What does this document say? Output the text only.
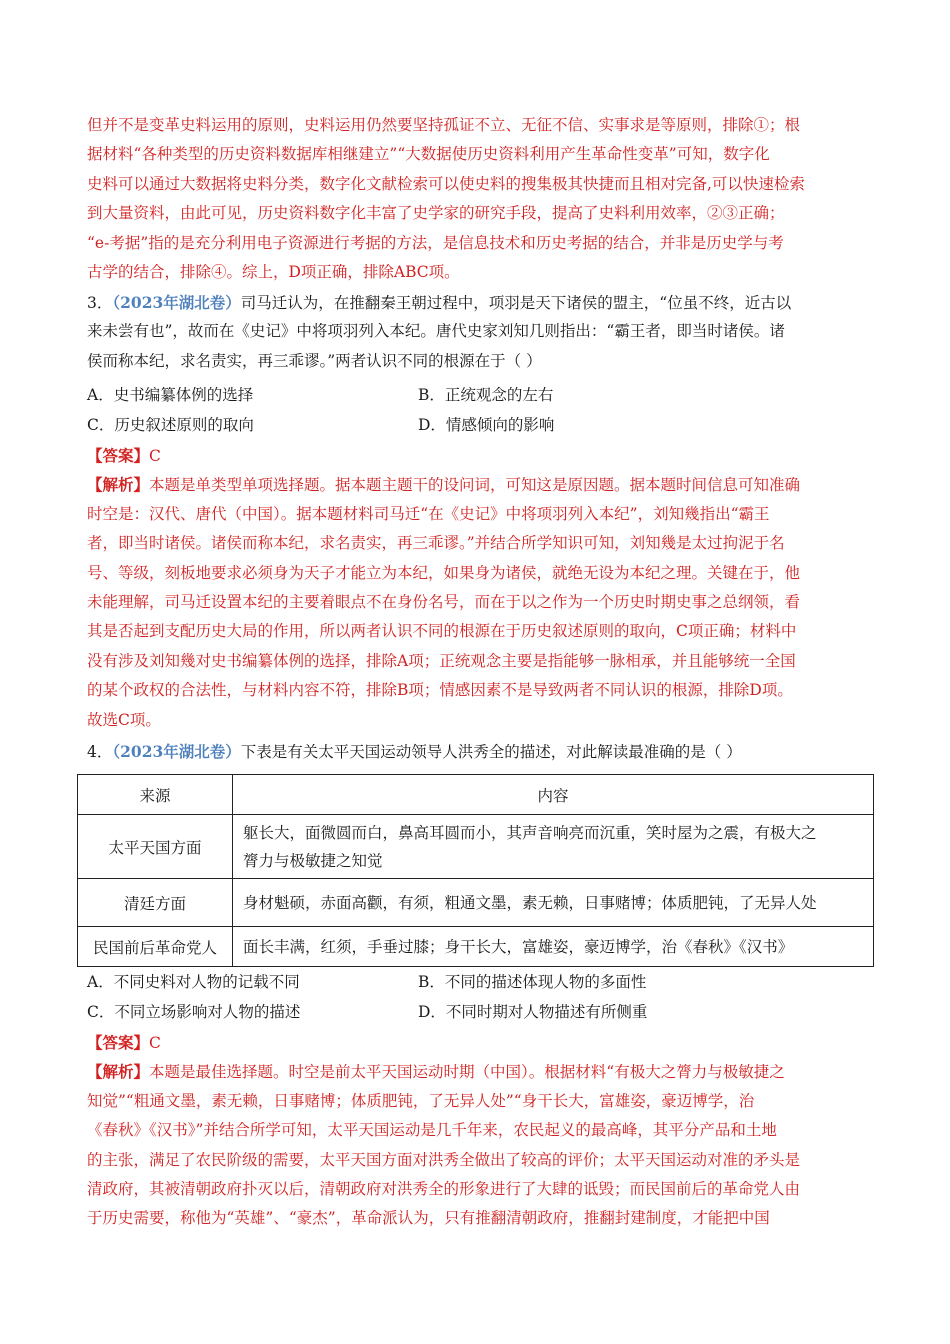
但并不是变革史料运用的原则，史料运用仍然要坚持孤证不立、无征不信、实事求是等原则，排除①；根
据材料“各种类型的历史资料数据库相继建立”“大数据使历史资料利用产生革命性变革”可知，数字化
史料可以通过大数据将史料分类，数字化文献检索可以使史料的搜集极其快捷而且相对完备,可以快速检索
到大量资料，由此可见，历史资料数字化丰富了史学家的研究手段，提高了史料利用效率，②③正确；
“e-考据”指的是充分利用电子资源进行考据的方法，是信息技术和历史考据的结合，并非是历史学与考
古学的结合，排除④。综上，D项正确，排除ABC项。
3．（2023年湖北卷）司马迁认为，在推翻秦王朝过程中，项羽是天下诸侯的盟主，“位虽不终，近古以
来未尝有也”，故而在《史记》中将项羽列入本纪。唐代史家刘知几则指出：“霸王者，即当时诸侯。诸
侯而称本纪，求名责实，再三乖谬。”两者认识不同的根源在于（ ）
A．史书编纂体例的选择	B．正统观念的左右
C．历史叙述原则的取向	D．情感倾向的影响
【答案】C
【解析】本题是单类型单项选择题。据本题主题干的设问词，可知这是原因题。据本题时间信息可知准确
时空是：汉代、唐代（中国）。据本题材料司马迁“在《史记》中将项羽列入本纪”，刘知幾指出“霸王
者，即当时诸侯。诸侯而称本纪，求名责实，再三乖谬。”并结合所学知识可知，刘知幾是太过拘泥于名
号、等级，刻板地要求必须身为天子才能立为本纪，如果身为诸侯，就绝无设为本纪之理。关键在于，他
未能理解，司马迁设置本纪的主要着眼点不在身份名号，而在于以之作为一个历史时期史事之总纲领，看
其是否起到支配历史大局的作用，所以两者认识不同的根源在于历史叙述原则的取向，C项正确；材料中
没有涉及刘知幾对史书编纂体例的选择，排除A项；正统观念主要是指能够一脉相承，并且能够统一全国
的某个政权的合法性，与材料内容不符，排除B项；情感因素不是导致两者不同认识的根源，排除D项。
故选C项。
4．（2023年湖北卷）下表是有关太平天国运动领导人洪秀全的描述，对此解读最准确的是（ ）
来源	内容
太平天国方面	躯长大，面微圆而白，鼻高耳圆而小，其声音响亮而沉重，笑时屋为之震，有极大之
膂力与极敏捷之知觉

清廷方面	身材魁硕，赤面高颧，有须，粗通文墨，素无赖，日事赌博；体质肥钝，了无异人处
民国前后革命党人	面长丰满，红须，手垂过膝；身干长大，富雄姿，豪迈博学，治《春秋》《汉书》
A．不同史料对人物的记载不同	B．不同的描述体现人物的多面性
C．不同立场影响对人物的描述	D．不同时期对人物描述有所侧重
【答案】C
【解析】本题是最佳选择题。时空是前太平天国运动时期（中国）。根据材料“有极大之膂力与极敏捷之
知觉”“粗通文墨，素无赖，日事赌博；体质肥钝，了无异人处”“身干长大，富雄姿，豪迈博学，治
《春秋》《汉书》”并结合所学可知，太平天国运动是几千年来，农民起义的最高峰，其平分产品和土地
的主张，满足了农民阶级的需要，太平天国方面对洪秀全做出了较高的评价；太平天国运动对准的矛头是
清政府，其被清朝政府扑灭以后，清朝政府对洪秀全的形象进行了大肆的诋毁；而民国前后的革命党人由
于历史需要，称他为“英雄”、“豪杰”，革命派认为，只有推翻清朝政府，推翻封建制度，才能把中国
